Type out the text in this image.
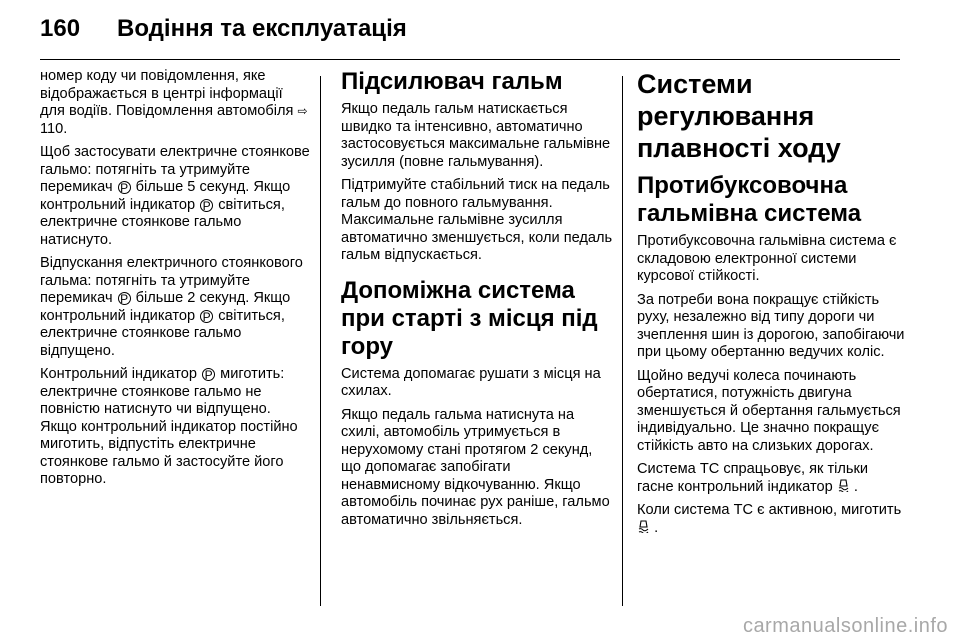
160 Водіння та експлуатація

номер коду чи повідомлення, яке відображається в центрі інформації для водіїв. Повідомлення автомобіля ⇨ 110.

Щоб застосувати електричне стоянкове гальмо: потягніть та утримуйте перемикач P більше 5 секунд. Якщо контрольний індикатор P світиться, електричне стоянкове гальмо натиснуто.

Відпускання електричного стоянкового гальма: потягніть та утримуйте перемикач P більше 2 секунд. Якщо контрольний індикатор P світиться, електричне стоянкове гальмо відпущено.

Контрольний індикатор P миготить: електричне стоянкове гальмо не повністю натиснуто чи відпущено. Якщо контрольний індикатор постійно миготить, відпустіть електричне стоянкове гальмо й застосуйте його повторно.

Підсилювач гальм

Якщо педаль гальм натискається швидко та інтенсивно, автоматично застосовується максимальне гальмівне зусилля (повне гальмування).

Підтримуйте стабільний тиск на педаль гальм до повного гальмування. Максимальне гальмівне зусилля автоматично зменшується, коли педаль гальм відпускається.

Допоміжна система при старті з місця під гору

Система допомагає рушати з місця на схилах.

Якщо педаль гальма натиснута на схилі, автомобіль утримується в нерухомому стані протягом 2 секунд, що допомагає запобігати ненавмисному відкочуванню. Якщо автомобіль починає рух раніше, гальмо автоматично звільняється.

Системи регулювання плавності ходу
Протибуксовочна гальмівна система

Протибуксовочна гальмівна система є складовою електронної системи курсової стійкості.

За потреби вона покращує стійкість руху, незалежно від типу дороги чи зчеплення шин із дорогою, запобігаючи при цьому обертанню ведучих коліс.

Щойно ведучі колеса починають обертатися, потужність двигуна зменшується й обертання гальмується індивідуально. Це значно покращує стійкість авто на слизьких дорогах.

Система TC спрацьовує, як тільки гасне контрольний індикатор .

Коли система TC є активною, миготить  .

carmanualsonline.info
